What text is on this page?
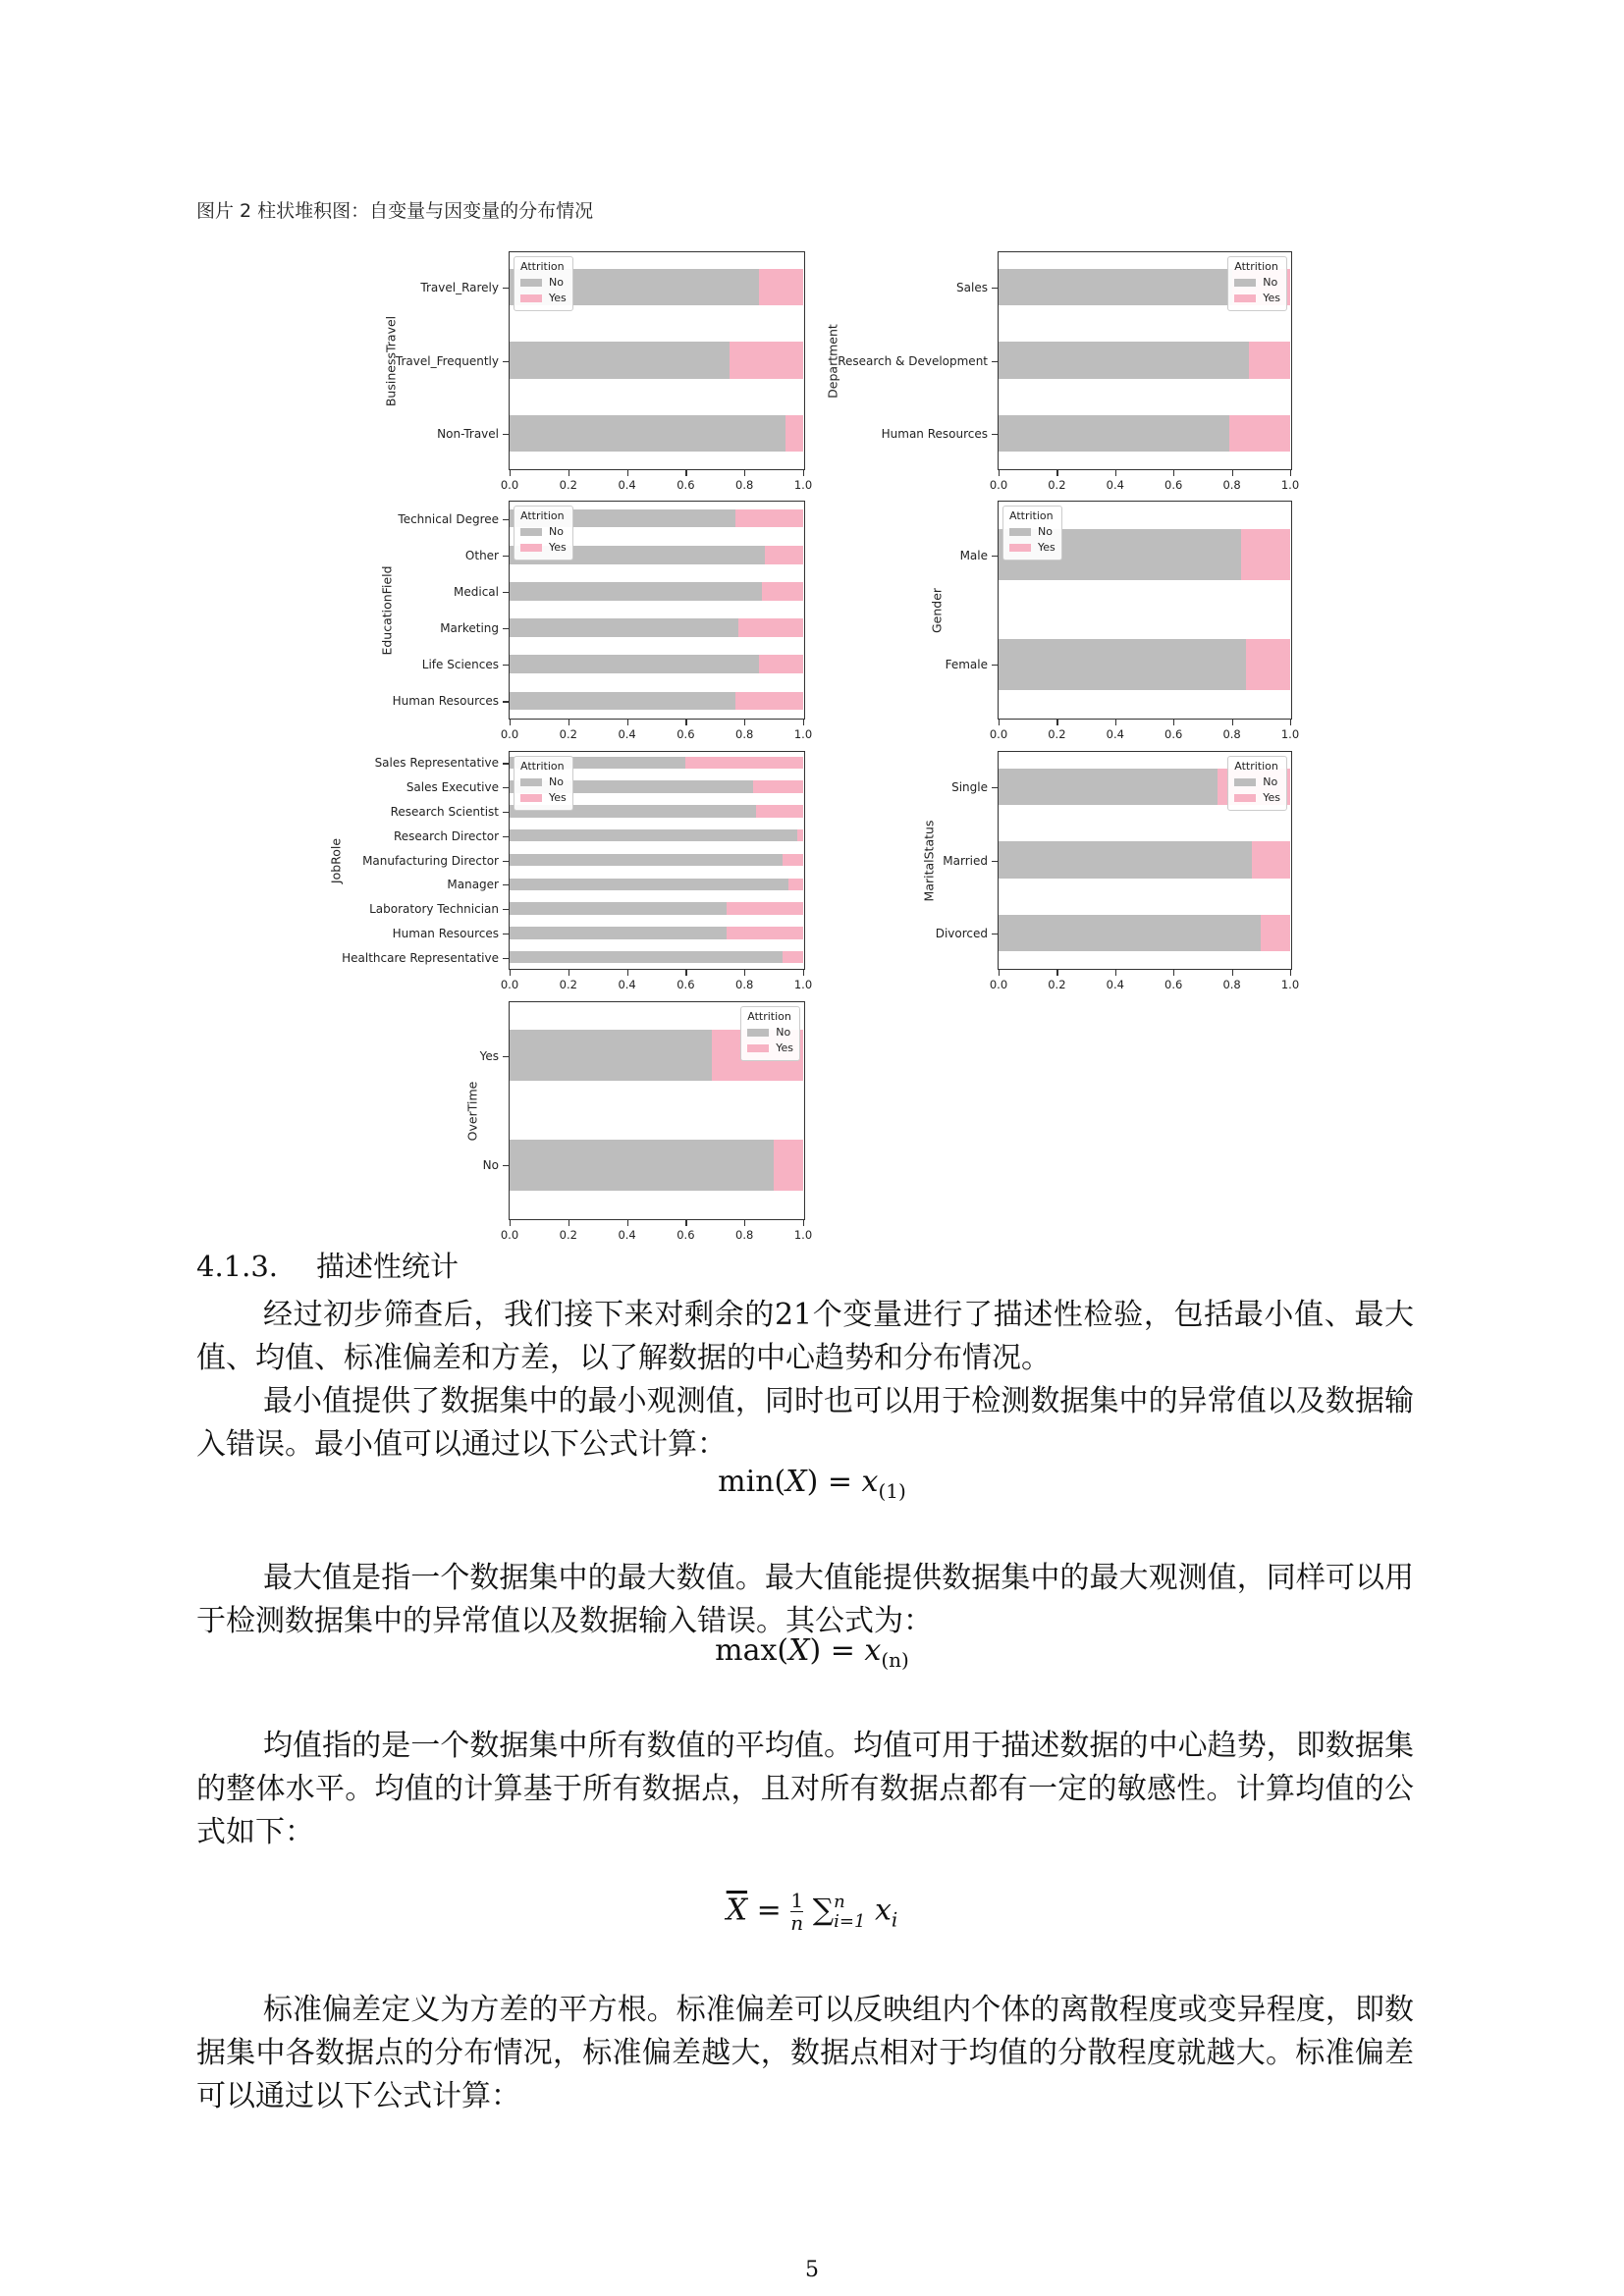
图片 2 柱状堆积图：自变量与因变量的分布情况
4.1.3. 描述性统计

经过初步筛查后，我们接下来对剩余的21个变量进行了描述性检验，包括最小值、最大值、均值、标准偏差和方差，以了解数据的中心趋势和分布情况。

最小值提供了数据集中的最小观测值，同时也可以用于检测数据集中的异常值以及数据输入错误。最小值可以通过以下公式计算：

$\min(X) = x_{(1)}$

最大值是指一个数据集中的最大数值。最大值能提供数据集中的最大观测值，同样可以用于检测数据集中的异常值以及数据输入错误。其公式为：

$\max(X) = x_{(n)}$

均值指的是一个数据集中所有数值的平均值。均值可用于描述数据的中心趋势，即数据集的整体水平。均值的计算基于所有数据点，且对所有数据点都有一定的敏感性。计算均值的公式如下：

$\overline{X} = \frac{1}{n}$ ∑ n
i=1 $x_i$

标准偏差定义为方差的平方根。标准偏差可以反映组内个体的离散程度或变异程度，即数据集中各数据点的分布情况，标准偏差越大，数据点相对于均值的分散程度就越大。标准偏差可以通过以下公式计算：

5
Attrition
No
Yes
Travel_Rarely
Travel_Frequently
Non-Travel
0.0	0.2	0.4	0.6	0.8	1.0
BusinessTravel
Attrition
No
Yes
Sales
Research & Development
Human Resources
0.0	0.2	0.4	0.6	0.8	1.0
Department
Attrition
No
Yes
Technical Degree
Other
Medical
Marketing
Life Sciences
Human Resources
0.0	0.2	0.4	0.6	0.8	1.0
EducationField
Attrition
No
Yes
Male
Female
0.0	0.2	0.4	0.6	0.8	1.0
Gender
Attrition
No
Yes
Sales Representative
Sales Executive
Research Scientist
Research Director
Manufacturing Director
Manager
Laboratory Technician
Human Resources
Healthcare Representative
0.0	0.2	0.4	0.6	0.8	1.0
JobRole
Attrition
No
Yes
Single
Married
Divorced
0.0	0.2	0.4	0.6	0.8	1.0
MaritalStatus
Attrition
No
Yes
Yes
No
0.0	0.2	0.4	0.6	0.8	1.0
OverTime
